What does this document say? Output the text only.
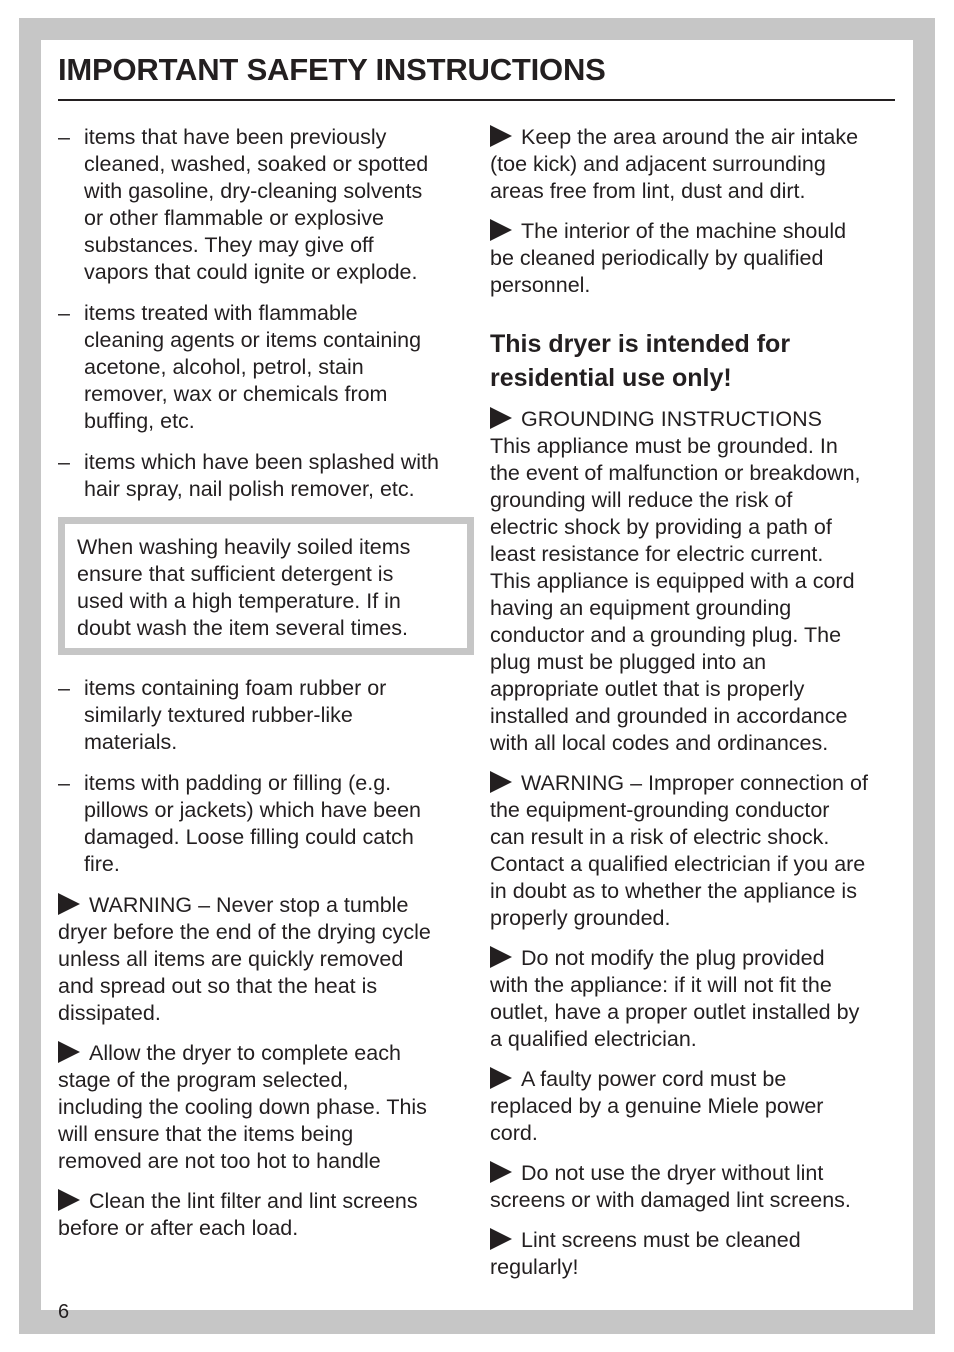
IMPORTANT SAFETY INSTRUCTIONS
– items that have been previously
cleaned, washed, soaked or spotted
with gasoline, dry-cleaning solvents
or other flammable or explosive
substances. They may give off
vapors that could ignite or explode.
– items treated with flammable
cleaning agents or items containing
acetone, alcohol, petrol, stain
remover, wax or chemicals from
buffing, etc.
– items which have been splashed with
hair spray, nail polish remover, etc.
When washing heavily soiled items
ensure that sufficient detergent is
used with a high temperature. If in
doubt wash the item several times.
– items containing foam rubber or
similarly textured rubber-like
materials.
– items with padding or filling (e.g.
pillows or jackets) which have been
damaged. Loose filling could catch
fire.
WARNING – Never stop a tumble
dryer before the end of the drying cycle
unless all items are quickly removed
and spread out so that the heat is
dissipated.
Allow the dryer to complete each
stage of the program selected,
including the cooling down phase. This
will ensure that the items being
removed are not too hot to handle
Clean the lint filter and lint screens
before or after each load.
Keep the area around the air intake
(toe kick) and adjacent surrounding
areas free from lint, dust and dirt.
The interior of the machine should
be cleaned periodically by qualified
personnel.
This dryer is intended for
residential use only!
GROUNDING INSTRUCTIONS
This appliance must be grounded. In
the event of malfunction or breakdown,
grounding will reduce the risk of
electric shock by providing a path of
least resistance for electric current.
This appliance is equipped with a cord
having an equipment grounding
conductor and a grounding plug. The
plug must be plugged into an
appropriate outlet that is properly
installed and grounded in accordance
with all local codes and ordinances.
WARNING – Improper connection of
the equipment-grounding conductor
can result in a risk of electric shock.
Contact a qualified electrician if you are
in doubt as to whether the appliance is
properly grounded.
Do not modify the plug provided
with the appliance: if it will not fit the
outlet, have a proper outlet installed by
a qualified electrician.
A faulty power cord must be
replaced by a genuine Miele power
cord.
Do not use the dryer without lint
screens or with damaged lint screens.
Lint screens must be cleaned
regularly!
6
